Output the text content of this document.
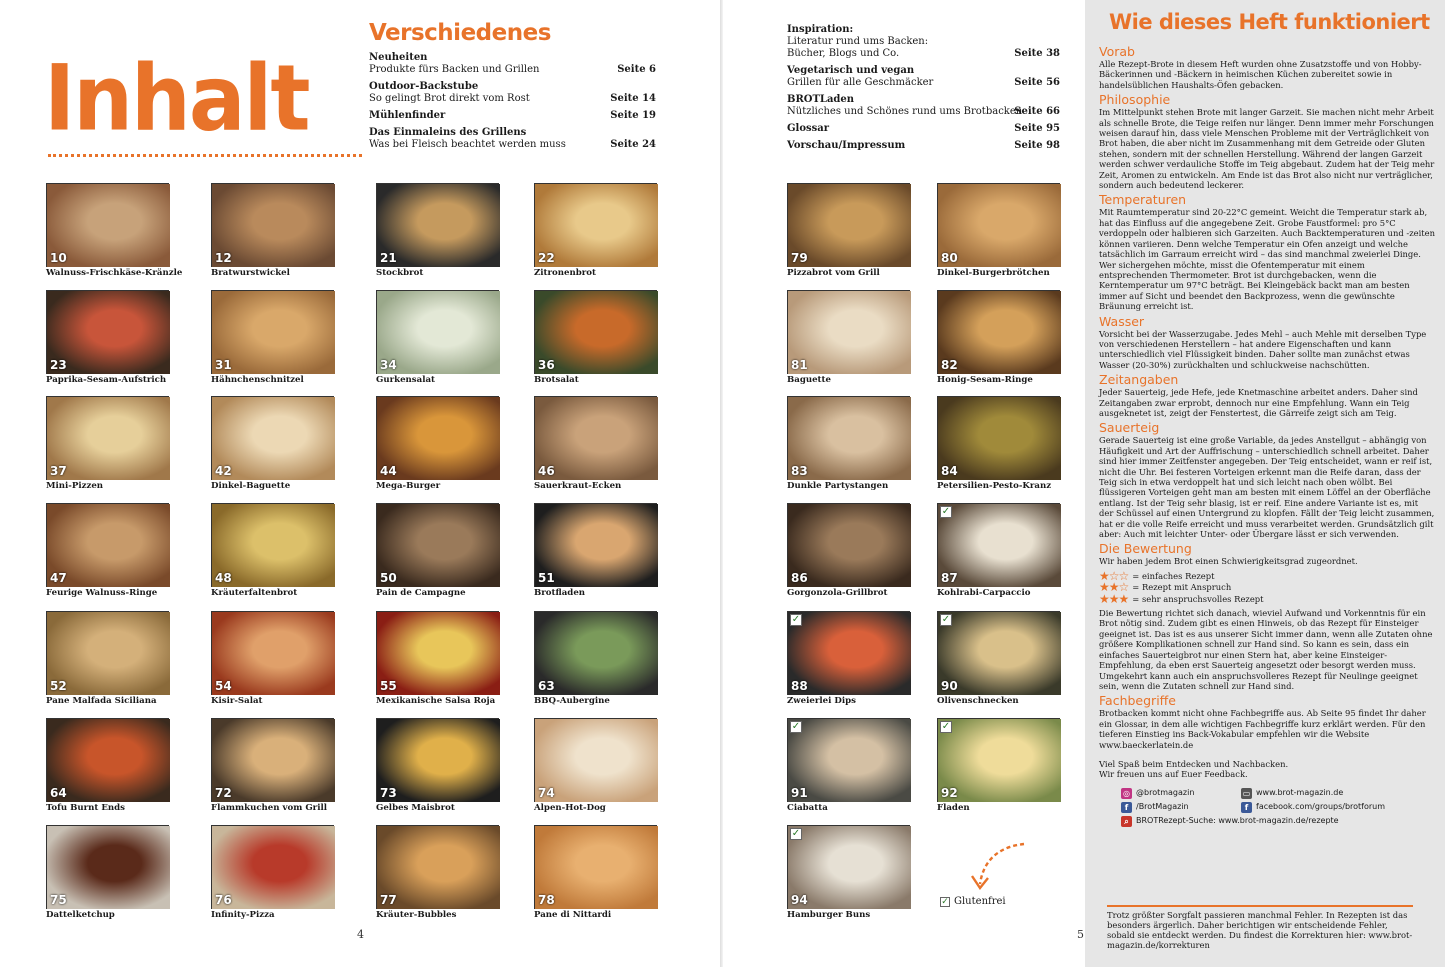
Inhalt
Verschiedenes
Neuheiten
Produkte fürs Backen und Grillen	Seite 6
Outdoor-Backstube
So gelingt Brot direkt vom Rost	Seite 14
Mühlenfinder	Seite 19
Das Einmaleins des Grillens
Was bei Fleisch beachtet werden muss	Seite 24
10
Walnuss-Frischkäse-Kränzle
12
Bratwurstwickel
21
Stockbrot
22
Zitronenbrot
23
Paprika-Sesam-Aufstrich
31
Hähnchenschnitzel
34
Gurkensalat
36
Brotsalat
37
Mini-Pizzen
42
Dinkel-Baguette
44
Mega-Burger
46
Sauerkraut-Ecken
47
Feurige Walnuss-Ringe
48
Kräuterfaltenbrot
50
Pain de Campagne
51
Brotfladen
52
Pane Malfada Siciliana
54
Kisir-Salat
55
Mexikanische Salsa Roja
63
BBQ-Aubergine
64
Tofu Burnt Ends
72
Flammkuchen vom Grill
73
Gelbes Maisbrot
74
Alpen-Hot-Dog
75
Dattelketchup
76
Infinity-Pizza
77
Kräuter-Bubbles
78
Pane di Nittardi
4
Inspiration:
Literatur rund ums Backen:
Bücher, Blogs und Co.	Seite 38
Vegetarisch und vegan
Grillen für alle Geschmäcker	Seite 56
BROTLaden
Nützliches und Schönes rund ums Brotbacken
Seite 66
Glossar	Seite 95
Vorschau/Impressum	Seite 98
79
Pizzabrot vom Grill
80
Dinkel-Burgerbrötchen
81
Baguette
82
Honig-Sesam-Ringe
83
Dunkle Partystangen
84
Petersilien-Pesto-Kranz
86
Gorgonzola-Grillbrot
✓
87
Kohlrabi-Carpaccio
✓
88
Zweierlei Dips
✓
90
Olivenschnecken
✓
91
Ciabatta
✓
92
Fladen
✓
94
Hamburger Buns
5
✓ Glutenfrei
Wie dieses Heft funktioniert
Vorab

Alle Rezept-Brote in diesem Heft wurden ohne Zusatzstoffe und von Hobby-Bäckerinnen und -Bäckern in heimischen Küchen zubereitet sowie in handelsüblichen Haushalts-Öfen gebacken.

Philosophie

Im Mittelpunkt stehen Brote mit langer Garzeit. Sie machen nicht mehr Arbeit als schnelle Brote, die Teige reifen nur länger. Denn immer mehr Forschungen weisen darauf hin, dass viele Menschen Probleme mit der Verträglichkeit von Brot haben, die aber nicht im Zusammenhang mit dem Getreide oder Gluten stehen, sondern mit der schnellen Herstellung. Während der langen Garzeit werden schwer verdauliche Stoffe im Teig abgebaut. Zudem hat der Teig mehr Zeit, Aromen zu entwickeln. Am Ende ist das Brot also nicht nur verträglicher, sondern auch bedeutend leckerer.

Temperaturen

Mit Raumtemperatur sind 20-22°C gemeint. Weicht die Temperatur stark ab, hat das Einfluss auf die angegebene Zeit. Grobe Faustformel: pro 5°C verdoppeln oder halbieren sich Garzeiten. Auch Backtemperaturen und -zeiten können variieren. Denn welche Temperatur ein Ofen anzeigt und welche tatsächlich im Garraum erreicht wird – das sind manchmal zweierlei Dinge. Wer sichergehen möchte, misst die Ofentemperatur mit einem entsprechenden Thermometer. Brot ist durchgebacken, wenn die Kerntemperatur um 97°C beträgt. Bei Kleingebäck backt man am besten immer auf Sicht und beendet den Backprozess, wenn die gewünschte Bräunung erreicht ist.

Wasser

Vorsicht bei der Wasserzugabe. Jedes Mehl – auch Mehle mit derselben Type von verschiedenen Herstellern – hat andere Eigenschaften und kann unterschiedlich viel Flüssigkeit binden. Daher sollte man zunächst etwas Wasser (20-30%) zurückhalten und schluckweise nachschütten.

Zeitangaben

Jeder Sauerteig, jede Hefe, jede Knetmaschine arbeitet anders. Daher sind Zeitangaben zwar erprobt, dennoch nur eine Empfehlung. Wann ein Teig ausgeknetet ist, zeigt der Fenstertest, die Gärreife zeigt sich am Teig.

Sauerteig

Gerade Sauerteig ist eine große Variable, da jedes Anstellgut – abhängig von Häufigkeit und Art der Auffrischung – unterschiedlich schnell arbeitet. Daher sind hier immer Zeitfenster angegeben. Der Teig entscheidet, wann er reif ist, nicht die Uhr. Bei festeren Vorteigen erkennt man die Reife daran, dass der Teig sich in etwa verdoppelt hat und sich leicht nach oben wölbt. Bei flüssigeren Vorteigen geht man am besten mit einem Löffel an der Oberfläche entlang. Ist der Teig sehr blasig, ist er reif. Eine andere Variante ist es, mit der Schüssel auf einen Untergrund zu klopfen. Fällt der Teig leicht zusammen, hat er die volle Reife erreicht und muss verarbeitet werden. Grundsätzlich gilt aber: Auch mit leichter Unter- oder Übergare lässt er sich verwenden.

Die Bewertung

Wir haben jedem Brot einen Schwierigkeitsgrad zugeordnet.

★☆☆ = einfaches Rezept
★★☆ = Rezept mit Anspruch
★★★ = sehr anspruchsvolles Rezept

Die Bewertung richtet sich danach, wieviel Aufwand und Vorkenntnis für ein Brot nötig sind. Zudem gibt es einen Hinweis, ob das Rezept für Einsteiger geeignet ist. Das ist es aus unserer Sicht immer dann, wenn alle Zutaten ohne größere Komplikationen schnell zur Hand sind. So kann es sein, dass ein einfaches Sauerteigbrot nur einen Stern hat, aber keine Einsteiger-Empfehlung, da eben erst Sauerteig angesetzt oder besorgt werden muss. Umgekehrt kann auch ein anspruchsvolleres Rezept für Neulinge geeignet sein, wenn die Zutaten schnell zur Hand sind.

Fachbegriffe

Brotbacken kommt nicht ohne Fachbegriffe aus. Ab Seite 95 findet Ihr daher ein Glossar, in dem alle wichtigen Fachbegriffe kurz erklärt werden. Für den tieferen Einstieg ins Back-Vokabular empfehlen wir die Website www.baeckerlatein.de

Viel Spaß beim Entdecken und Nachbacken.

Wir freuen uns auf Euer Feedback.

◎ @brotmagazin	▭ www.brot-magazin.de
f /BrotMagazin	f facebook.com/groups/brotforum
⌕ BROTRezept-Suche: www.brot-magazin.de/rezepte
Trotz größter Sorgfalt passieren manchmal Fehler. In Rezepten ist das besonders ärgerlich. Daher berichtigen wir entscheidende Fehler, sobald sie entdeckt werden. Du findest die Korrekturen hier: www.brot-magazin.de/korrekturen
